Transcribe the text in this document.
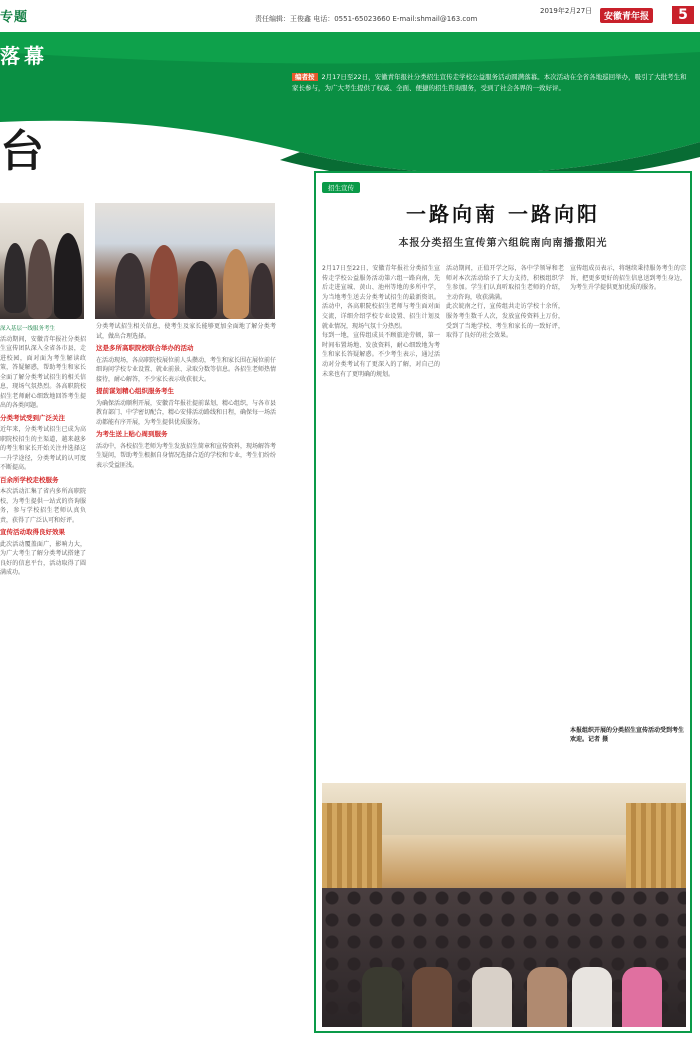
专题	责任编辑：王俊鑫 电话：0551-65023660 E-mail:shmail@163.com
2019年2月27日
安徽青年报	5
落幕
台
编者按 2月17日至22日，安徽青年报社分类招生宣传走学校公益服务活动圆满落幕。本次活动在全省各地巡回举办，吸引了大批考生和家长参与，为广大考生提供了权威、全面、便捷的招生咨询服务，受到了社会各界的一致好评。
深入基层一线服务考生

活动期间，安徽青年报社分类招生宣传团队深入全省各市县，走进校园，面对面为考生解读政策，答疑解惑，帮助考生和家长全面了解分类考试招生的相关信息，现场气氛热烈。各高职院校招生老师耐心细致地回答考生提出的各类问题。

分类考试受到广泛关注

近年来，分类考试招生已成为高职院校招生的主渠道，越来越多的考生和家长开始关注并选择这一升学途径，分类考试的认可度不断提高。

百余所学校走校服务

本次活动汇集了省内多所高职院校，为考生提供一站式的咨询服务，参与学校招生老师认真负责，获得了广泛认可和好评。

宣传活动取得良好效果

此次活动覆盖面广，影响力大，为广大考生了解分类考试搭建了良好的信息平台，活动取得了圆满成功。

分类考试招生相关信息，使考生及家长能够更加全面地了解分类考试，做出合理选择。

这是多所高职院校联合举办的活动

在活动现场，各高职院校展位前人头攒动，考生和家长围在展位前仔细询问学校专业设置、就业前景、录取分数等信息。各招生老师热情接待，耐心解答，不少家长表示收获很大。

提前谋划精心组织服务考生

为确保活动顺利开展，安徽青年报社提前谋划，精心组织，与各市县教育部门、中学密切配合，精心安排活动路线和日程，确保每一场活动都能有序开展，为考生提供优质服务。

为考生送上贴心周到服务

活动中，各校招生老师为考生发放招生简章和宣传资料，现场解答考生疑问，帮助考生根据自身情况选择合适的学校和专业，考生们纷纷表示受益匪浅。

招生宣传
一路向南 一路向阳
本报分类招生宣传第六组皖南向南播撒阳光

2月17日至22日，安徽青年报社分类招生宣传走学校公益服务活动第六组一路向南，先后走进宣城、黄山、池州等地的多所中学，为当地考生送去分类考试招生的最新资讯。活动中，各高职院校招生老师与考生面对面交流，详细介绍学校专业设置、招生计划及就业情况，现场气氛十分热烈。

每到一地，宣传组成员不顾旅途劳顿，第一时间布置场地、发放资料，耐心细致地为考生和家长答疑解惑。不少考生表示，通过活动对分类考试有了更深入的了解，对自己的未来也有了更明确的规划。

活动期间，正值开学之际，各中学领导和老师对本次活动给予了大力支持，积极组织学生参加。学生们认真听取招生老师的介绍，主动咨询，收获满满。

此次皖南之行，宣传组共走访学校十余所，服务考生数千人次，发放宣传资料上万份，受到了当地学校、考生和家长的一致好评，取得了良好的社会效果。

宣传组成员表示，将继续秉持服务考生的宗旨，把更多更好的招生信息送到考生身边，为考生升学提供更加优质的服务。

本报组织开展的分类招生宣传活动受到考生欢迎。记者 摄
